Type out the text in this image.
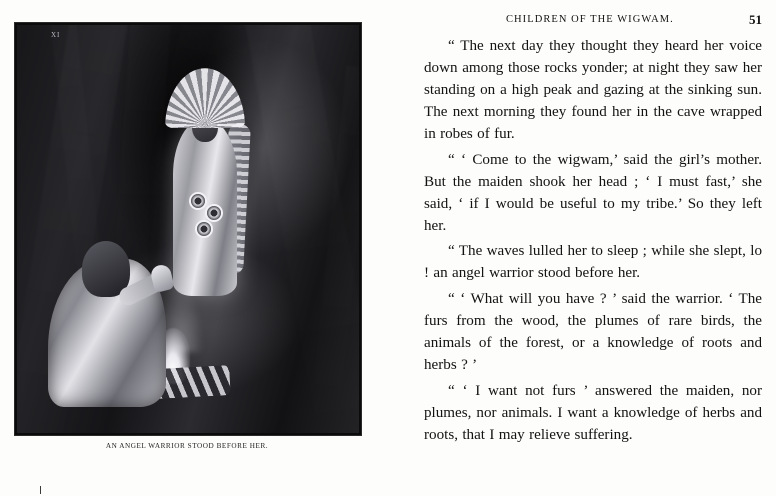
XI
AN ANGEL WARRIOR STOOD BEFORE HER.
CHILDREN OF THE WIGWAM.	51

“ The next day they thought they heard her voice down among those rocks yonder; at night they saw her standing on a high peak and gazing at the sinking sun. The next morning they found her in the cave wrapped in robes of fur.

“ ‘ Come to the wigwam,’ said the girl’s mother. But the maiden shook her head ; ‘ I must fast,’ she said, ‘ if I would be useful to my tribe.’ So they left her.

“ The waves lulled her to sleep ; while she slept, lo ! an angel warrior stood before her.

“ ‘ What will you have ? ’ said the warrior. ‘ The furs from the wood, the plumes of rare birds, the animals of the forest, or a knowledge of roots and herbs ? ’

“ ‘ I want not furs ’ answered the maiden, nor plumes, nor animals. I want a knowledge of herbs and roots, that I may relieve suffering.
